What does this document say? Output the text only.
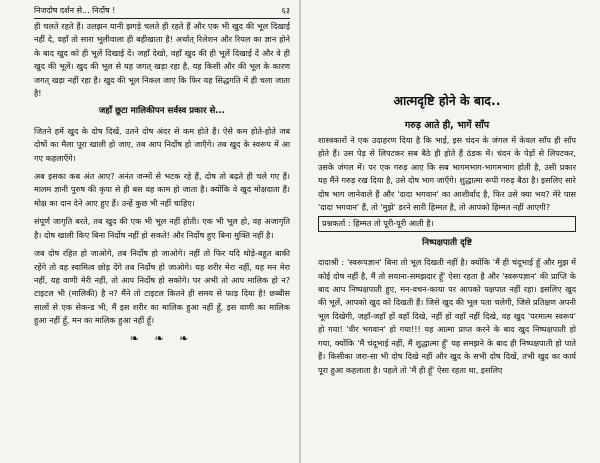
निजदोष दर्शन से... निर्दोष !	६३

ही चलते रहते हैं। उलझन यानी झगड़े चलते ही रहते हैं और एक भी खुद की भूल दिखाई नहीं दे, वहाँ तो सारा भूलीवाला ही बहीखाता है! अर्थात् रिलेशन और रियल का ज्ञान होने के बाद खुद को ही भूलें दिखाई दें। जहाँ देखो, वहाँ खुद की ही भूलें दिखाई दें और वे ही खुद की भूलें। खुद की भूल से यह जगत् खड़ा रहा है, यह किसी और की भूल के कारण जगत् खड़ा नहीं रहा है। खुद की भूल निकल जाए कि फिर यह सिद्धगति में ही चला जाता है!

जहाँ छूटा मालिकीपन सर्वस्व प्रकार से...

जितने हमें खुद के दोष दिखें, उतने दोष अंदर से कम होते हैं। ऐसे कम होते-होते जब दोषों का मैला पूरा खाली हो जाए, तब आप निर्दोष हो जाएँगे। तब खुद के स्वरूप में आ गए कहलाएँगे।

अब इसका कब अंत आए? अनंत जन्मों से भटक रहे हैं, दोष तो बढ़ते ही चले गए हैं। मालम ज्ञानी पुरुष की कृपा से ही बस वह काम हो जाता है। क्योंकि वे खुद मोक्षदाता हैं। मोक्ष का दान देने आए हुए हैं। उन्हें कुछ भी नहीं चाहिए।

संपूर्ण जागृति बरते, तब खुद की एक भी भूल नहीं होती। एक भी भूल हो, वह अजागृति है। दोष खाली किए बिना निर्दोष नहीं हो सकते! और निर्दोष हुए बिना मुक्ति नहीं है।

जब दोष रहित हो जाओगे, तब निर्दोष हो जाओगे। नहीं तो फिर यदि थोड़े-बहुत बाकी रहेंगे तो वह स्वामित्व छोड़ देंगे तब निर्दोष हो जाओगे। यह शरीर मेरा नहीं, यह मन मेरा नहीं, यह वाणी मेरी नहीं, तो आप निर्दोष हो सकोगे। पर अभी तो आप मालिक हो न? टाइटल भी (मालिकी) है न? मैंने तो टाइटल कितने ही समय से फाड़ दिया है! छब्बीस सालों से एक सेकन्ड भी, मैं इस शरीर का मालिक हुआ नहीं हूँ, इस वाणी का मालिक हुआ नहीं हूँ, मन का मालिक हुआ नहीं हूँ।

❧ ❧ ❧
आत्मदृष्टि होने के बाद..
गरुड़ आते ही, भागें साँप

शास्त्रकारों ने एक उदाहरण दिया है कि भाई, इस चंदन के जंगल में केवल साँप ही साँप होते हैं। उस पेड़ से लिपटकर सब बैठे ही होते हैं ठंडक में। चंदन के पेड़ों से लिपटकर, उसके जंगल में। पर एक गरुड़ आए कि सब भागमभाग-भागमभाग होती है, उसी प्रकार यह मैंने गरुड़ रख दिया है, उसे दोष भाग जाएँगे। शुद्धात्मा रूपी गरुड़ बैठा है। इसलिए सारे दोष भाग जानेवाले हैं और 'दादा भगवान' का आशीर्वाद है, फिर उसे क्या भय? मेरे पास 'दादा भगवान' हैं, तो 'मुझे' डरने सारी हिम्मत है, तो आपको हिम्मत नहीं आएगी?

प्रश्नकर्ता : हिम्मत तो पूरी-पूरी आती है।
निष्पक्षपाती दृष्टि

दादाश्री : 'स्वरूपज्ञान' बिना तो भूल दिखती नहीं है। क्योंकि 'मैं ही चंदूभाई हूँ और मुझ में कोई दोष नहीं है, मैं तो सयाना-समझदार हूँ' ऐसा रहता है और 'स्वरूपज्ञान' की प्राप्ति के बाद आप निष्पक्षपाती हुए, मन-वचन-काया पर आपको पक्षपात नहीं रहा। इसलिए खुद की भूलें, आपको खुद को दिखती हैं। जिसे खुद की भूल पता चलेगी, जिसे प्रतिक्षण अपनी भूल दिखेगी, जहाँ-जहाँ हों वहाँ दिखे, नहीं हों वहाँ नहीं दिखे, वह खुद 'परमात्म स्वरूप' हो गया! 'वीर भगवान' हो गया!!! यह आत्मा प्राप्त करने के बाद खुद निष्पक्षपाती हो गया, क्योंकि 'मैं चंदूभाई नहीं, मैं शुद्धात्मा हूँ' यह समझने के बाद ही निष्पक्षपाती हो पाते हैं। किसीका जरा-सा भी दोष दिखे नहीं और खुद के सभी दोष दिखें, तभी खुद का कार्य पूरा हुआ कहलाता है। पहले तो 'मैं ही हूँ' ऐसा रहता था, इसलिए
